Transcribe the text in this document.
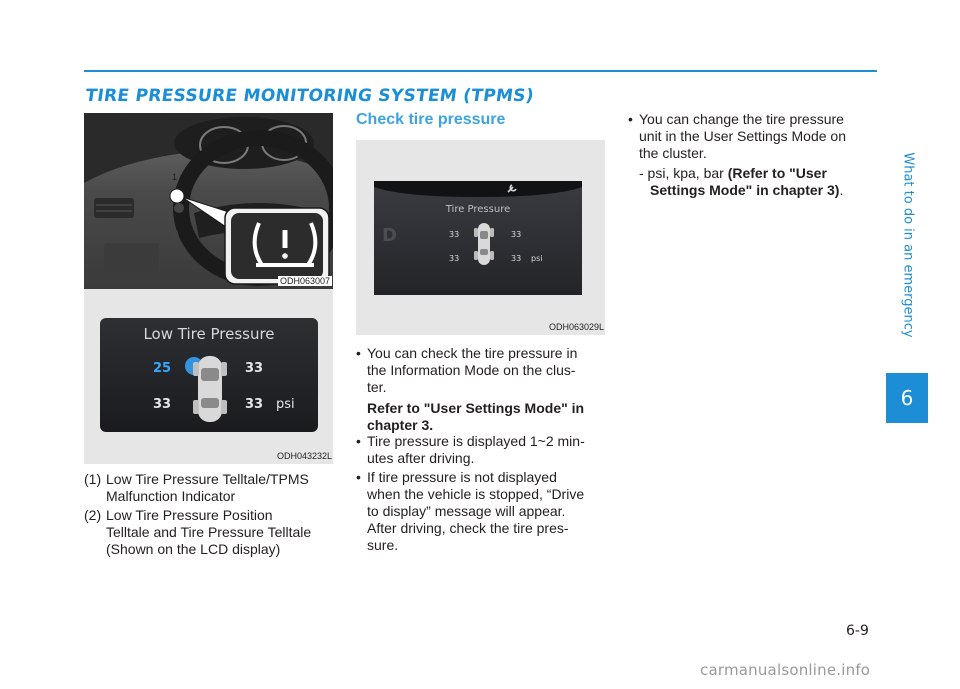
TIRE PRESSURE MONITORING SYSTEM (TPMS)
What to do in an emergency
6
1
ODH063007
Low Tire Pressure
25	33
33	33 psi
ODH043232L
(1) Low Tire Pressure Telltale/TPMS
Malfunction Indicator
(2) Low Tire Pressure Position
Telltale and Tire Pressure Telltale
(Shown on the LCD display)
Check tire pressure
Tire Pressure
D	33	33
33	33 psi
ODH063029L
• You can check the tire pressure in
the Information Mode on the clus-
ter.
Refer to "User Settings Mode" in
chapter 3.
• Tire pressure is displayed 1~2 min-
utes after driving.
• If tire pressure is not displayed
when the vehicle is stopped, “Drive
to display” message will appear.
After driving, check the tire pres-
sure.
• You can change the tire pressure
unit in the User Settings Mode on
the cluster.
- psi, kpa, bar (Refer to "User
Settings Mode" in chapter 3).
6-9
carmanualsonline.info
